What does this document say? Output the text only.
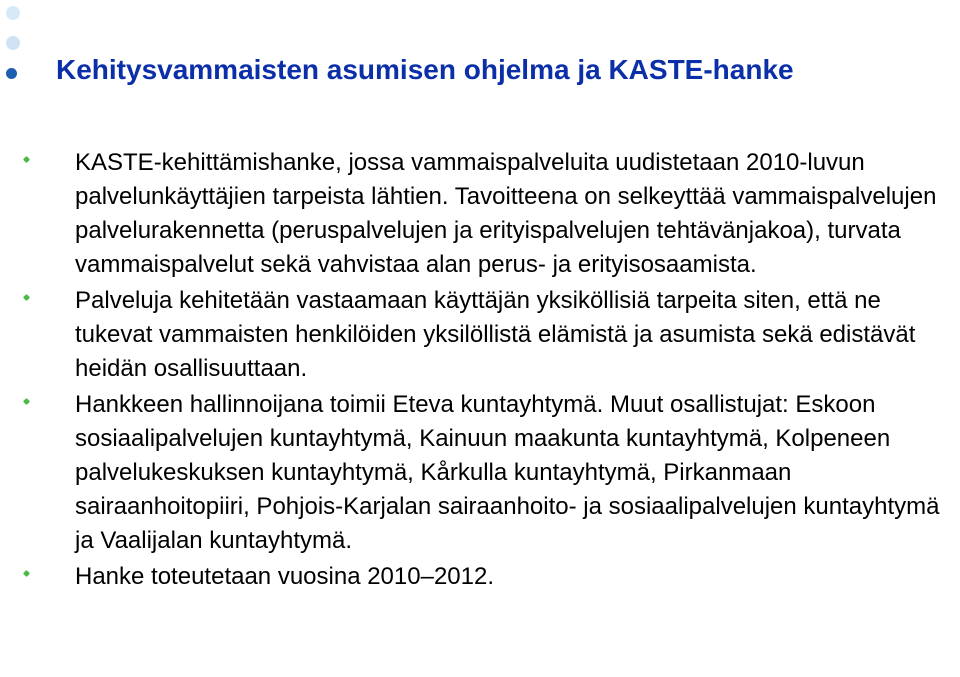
Kehitysvammaisten asumisen ohjelma ja KASTE-hanke
KASTE-kehittämishanke, jossa vammaispalveluita uudistetaan 2010-luvun palvelunkäyttäjien tarpeista lähtien. Tavoitteena on selkeyttää vammaispalvelujen palvelurakennetta (peruspalvelujen ja erityispalvelujen tehtävänjakoa), turvata vammaispalvelut sekä vahvistaa alan perus- ja erityisosaamista.
Palveluja kehitetään vastaamaan käyttäjän yksiköllisiä tarpeita siten, että ne tukevat vammaisten henkilöiden yksilöllistä elämistä ja asumista sekä edistävät heidän osallisuuttaan.
Hankkeen hallinnoijana toimii Eteva kuntayhtymä. Muut osallistujat: Eskoon sosiaalipalvelujen kuntayhtymä, Kainuun maakunta kuntayhtymä, Kolpeneen palvelukeskuksen kuntayhtymä, Kårkulla kuntayhtymä, Pirkanmaan sairaanhoitopiiri, Pohjois-Karjalan sairaanhoito- ja sosiaalipalvelujen kuntayhtymä ja Vaalijalan kuntayhtymä.
Hanke toteutetaan vuosina 2010–2012.
